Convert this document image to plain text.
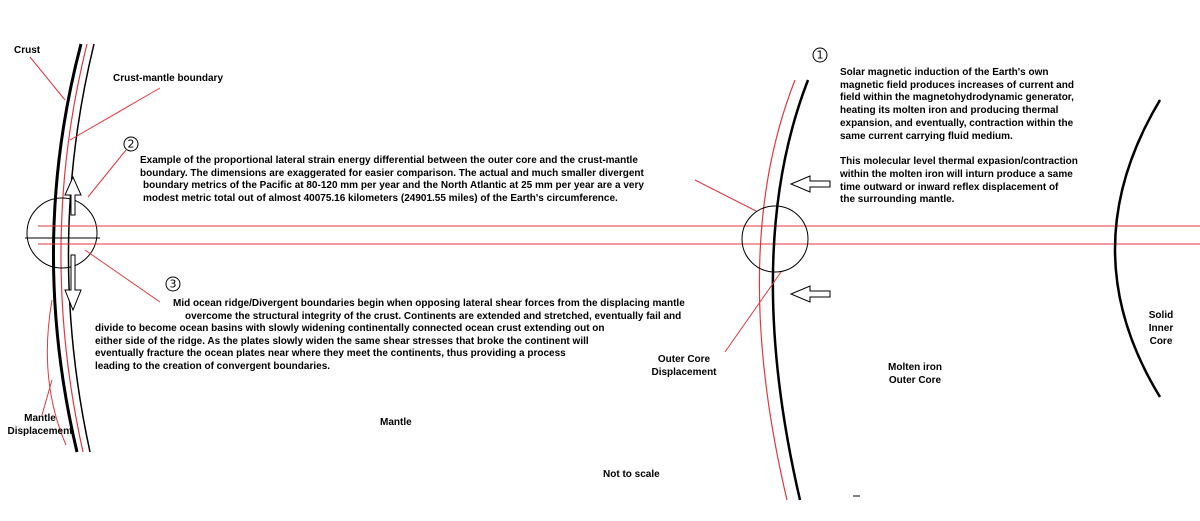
1
2
3
Crust
Crust-mantle boundary
Mantle
Displacement
Mantle
Not to scale
Outer Core
Displacement	Molten iron
Outer Core
Solid
Inner
Core
Solar magnetic induction of the Earth's own
magnetic field produces increases of current and
field within the magnetohydrodynamic generator,
heating its molten iron and producing thermal
expansion, and eventually, contraction within the
same current carrying fluid medium.
This molecular level thermal expasion/contraction
within the molten iron will inturn produce a same
time outward or inward reflex displacement of
the surrounding mantle.
Example of the proportional lateral strain energy differential between the outer core and the crust-mantle
boundary. The dimensions are exaggerated for easier comparison. The actual and much smaller divergent
boundary metrics of the Pacific at 80-120 mm per year and the North Atlantic at 25 mm per year are a very
modest metric total out of almost 40075.16 kilometers (24901.55 miles) of the Earth's circumference.
Mid ocean ridge/Divergent boundaries begin when opposing lateral shear forces from the displacing mantle
overcome the structural integrity of the crust. Continents are extended and stretched, eventually fail and
divide to become ocean basins with slowly widening continentally connected ocean crust extending out on
either side of the ridge. As the plates slowly widen the same shear stresses that broke the continent will
eventually fracture the ocean plates near where they meet the continents, thus providing a process
leading to the creation of convergent boundaries.
